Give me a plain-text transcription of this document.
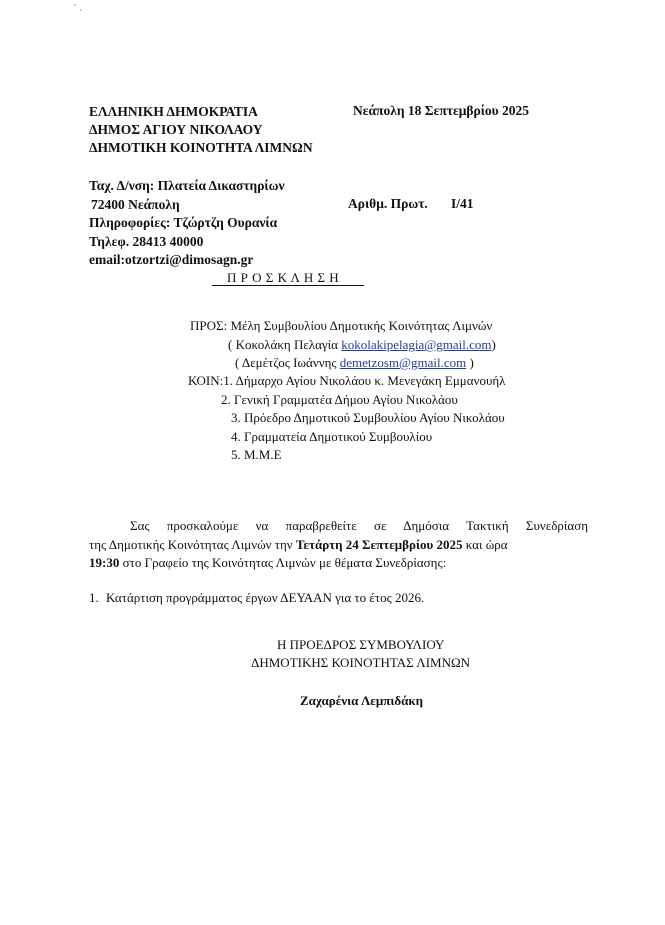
ΕΛΛΗΝΙΚΗ ΔΗΜΟΚΡΑΤΙΑ
ΔΗΜΟΣ ΑΓΙΟΥ ΝΙΚΟΛΑΟΥ
ΔΗΜΟΤΙΚΗ ΚΟΙΝΟΤΗΤΑ ΛΙΜΝΩΝ
Νεάπολη 18 Σεπτεμβρίου 2025
Ταχ. Δ/νση: Πλατεία Δικαστηρίων
72400 Νεάπολη
Πληροφορίες: Τζώρτζη Ουρανία
Τηλεφ. 28413 40000
email:otzortzi@dimosagn.gr
Αριθμ. Πρωτ. I/41
Π Ρ Ο Σ Κ Λ Η Σ Η
ΠΡΟΣ: Μέλη Συμβουλίου Δημοτικής Κοινότητας Λιμνών
( Κοκολάκη Πελαγία kokolakipelagia@gmail.com)
( Δεμέτζος Ιωάννης demetzosm@gmail.com )
ΚΟΙΝ:1. Δήμαρχο Αγίου Νικολάου κ. Μενεγάκη Εμμανουήλ
2. Γενική Γραμματέα Δήμου Αγίου Νικολάου
3. Πρόεδρο Δημοτικού Συμβουλίου Αγίου Νικολάου
4. Γραμματεία Δημοτικού Συμβουλίου
5. Μ.Μ.Ε
Σας προσκαλούμε να παραβρεθείτε σε Δημόσια Τακτική Συνεδρίαση
της Δημοτικής Κοινότητας Λιμνών την Τετάρτη 24 Σεπτεμβρίου 2025 και ώρα
19:30 στο Γραφείο της Κοινότητας Λιμνών με θέματα Συνεδρίασης:
1. Κατάρτιση προγράμματος έργων ΔΕΥΑΑΝ για το έτος 2026.
Η ΠΡΟΕΔΡΟΣ ΣΥΜΒΟΥΛΙΟΥ
ΔΗΜΟΤΙΚΗΣ ΚΟΙΝΟΤΗΤΑΣ ΛΙΜΝΩΝ
Ζαχαρένια Λεμπιδάκη
